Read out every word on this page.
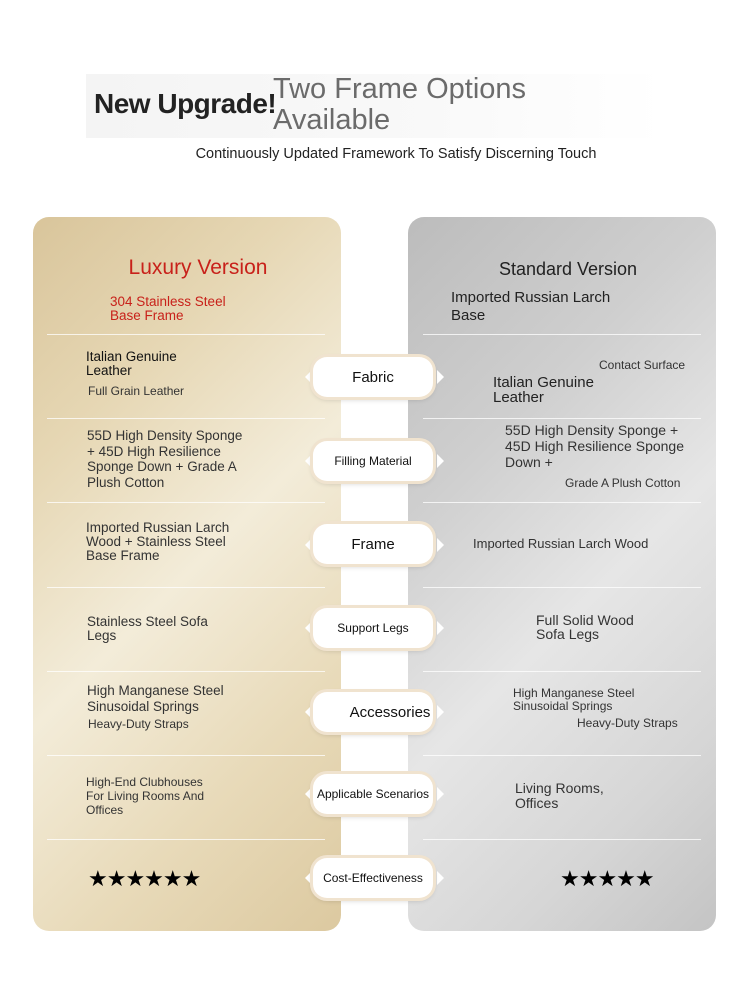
New Upgrade!
Two Frame Options
Available
Continuously Updated Framework To Satisfy Discerning Touch
Luxury Version	Standard Version
304 Stainless Steel
Base Frame
Italian Genuine
Leather
Full Grain Leather
55D High Density Sponge
+ 45D High Resilience
Sponge Down + Grade A
Plush Cotton
Imported Russian Larch
Wood + Stainless Steel
Base Frame
Stainless Steel Sofa
Legs
High Manganese Steel
Sinusoidal Springs
Heavy-Duty Straps
High-End Clubhouses
For Living Rooms And
Offices
★★★★★★
Imported Russian Larch
Base
Contact Surface
Italian Genuine
Leather
55D High Density Sponge +
45D High Resilience Sponge
Down +
Grade A Plush Cotton
Imported Russian Larch Wood
Full Solid Wood
Sofa Legs
High Manganese Steel
Sinusoidal Springs
Heavy-Duty Straps
Living Rooms,
Offices
★★★★★
Fabric
Filling Material
Frame
Support Legs
Accessories
Applicable Scenarios
Cost-Effectiveness
